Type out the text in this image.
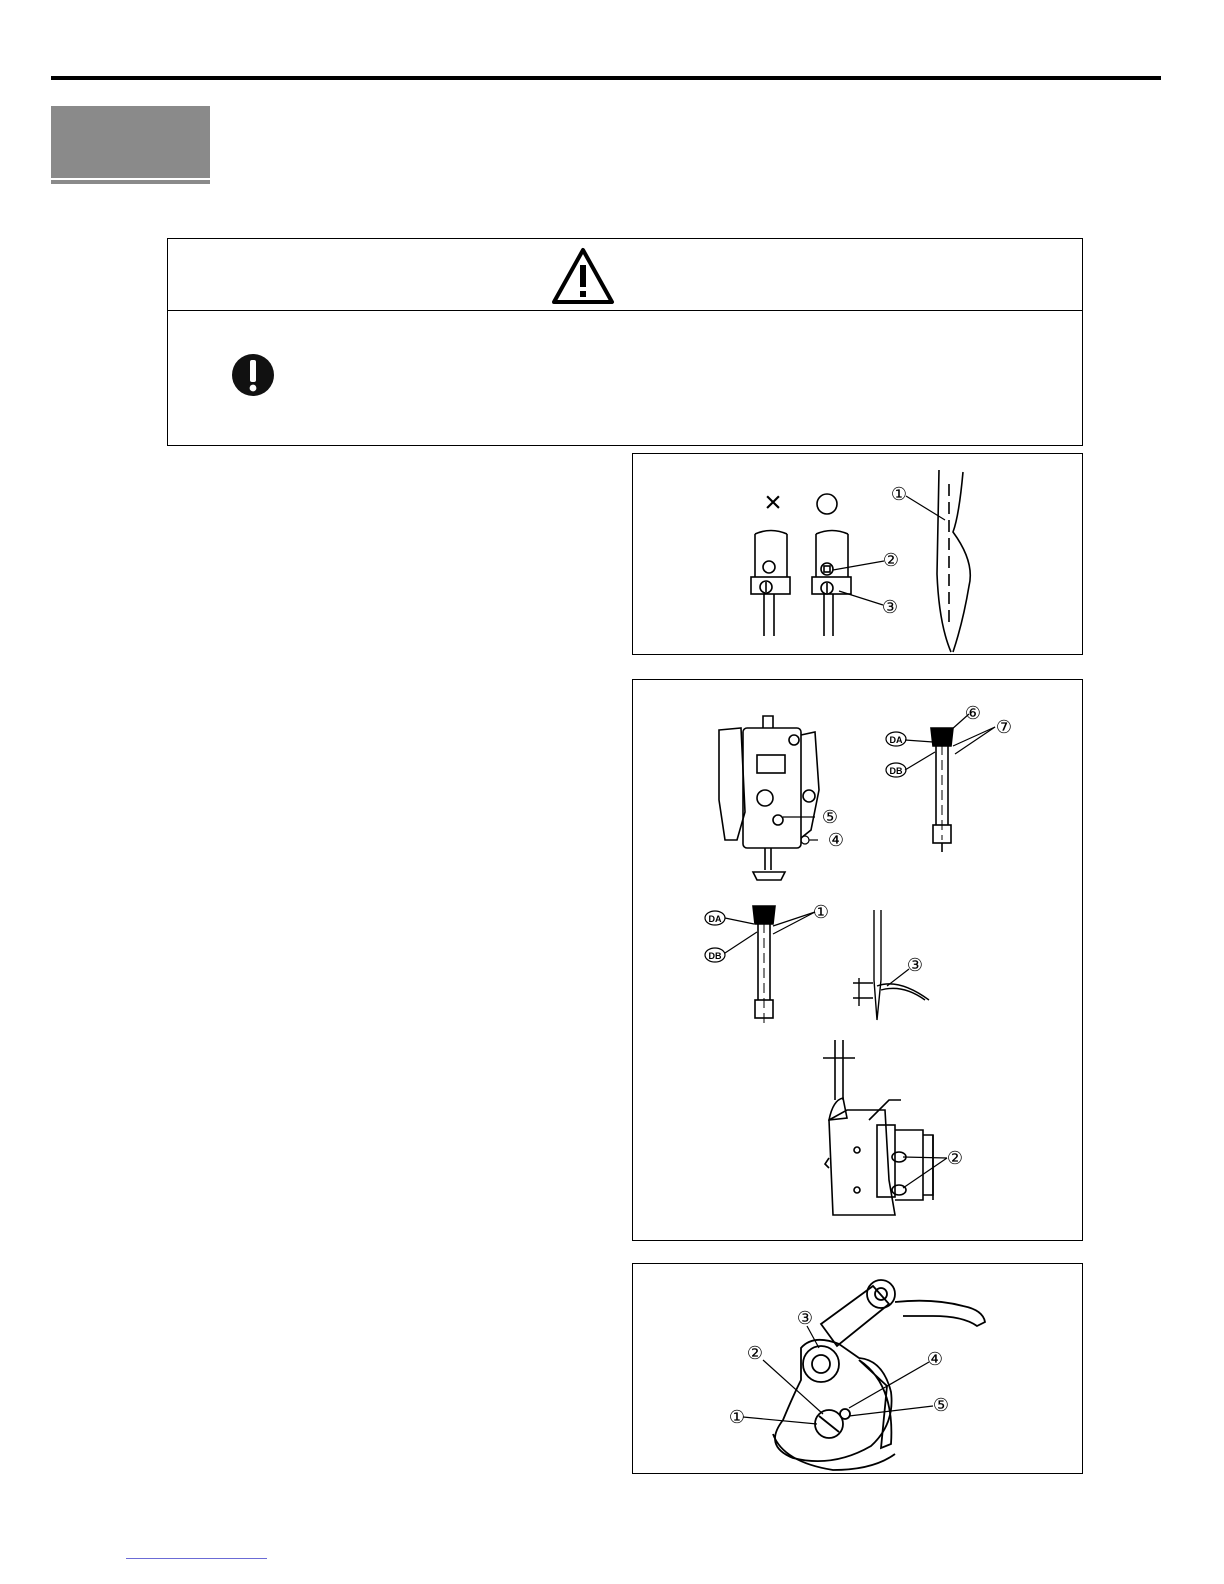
×	①
②
③
⑤
④
⑥
⑦
DA
DB
①
DA
DB	③
②
③
②
①
④
⑤
